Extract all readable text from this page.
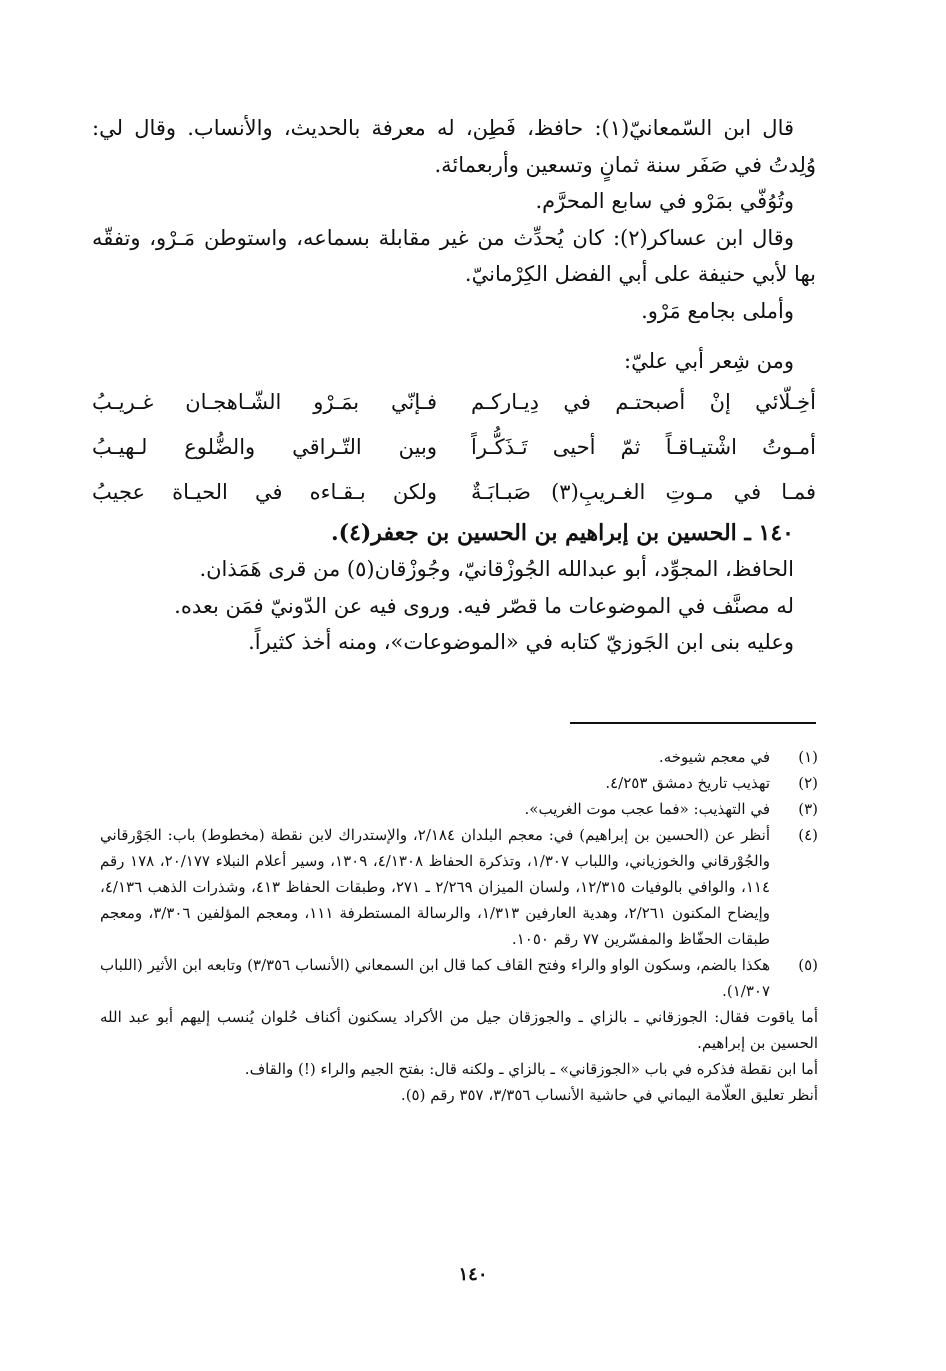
قال ابن السّمعانيّ(١): حافظ، فَطِن، له معرفة بالحديث، والأنساب. وقال لي: وُلِدتُ في صَفَر سنة ثمانٍ وتسعين وأربعمائة.

وتُوُفّي بمَرْو في سابع المحرَّم.

وقال ابن عساكر(٢): كان يُحدِّث من غير مقابلة بسماعه، واستوطن مَـرْو، وتفقّه بها لأبي حنيفة على أبي الفضل الكِرْمانيّ.

وأملى بجامع مَرْو.

ومن شِعر أبي عليّ:

أخِـلّائي إنْ أصبحتـم في دِيـاركـم
فـإنّي بمَـرْو الشّـاهجـان غـريـبُ
أمـوتُ اشْتيـاقـاً ثمّ أحيى تَـذَكُّـراً
وبين التّـراقي والضُّلوع لـهيـبُ
فمـا في مـوتِ الغـريبِ(٣) صَبـابَـةٌ
ولكن بـقـاءه في الحيـاة عجيبُ

١٤٠ ـ الحسين بن إبراهيم بن الحسين بن جعفر(٤).

الحافظ، المجوِّد، أبو عبدالله الجُوزْقانيّ، وجُوزْقان(٥) من قرى هَمَذان.

له مصنَّف في الموضوعات ما قصّر فيه. وروى فيه عن الدّونيّ فمَن بعده.

وعليه بنى ابن الجَوزيّ كتابه في «الموضوعات»، ومنه أخذ كثيراً.

(١)
في معجم شيوخه.
(٢)
تهذيب تاريخ دمشق ٤/٢٥٣.
(٣)
في التهذيب: «فما عجب موت الغريب».
(٤)
أنظر عن (الحسين بن إبراهيم) في: معجم البلدان ٢/١٨٤، والإستدراك لابن نقطة (مخطوط) باب: الجَوْرقاني والجُوْرقاني والخوزياني، واللباب ١/٣٠٧، وتذكرة الحفاظ ٤/١٣٠٨، ١٣٠٩، وسير أعلام النبلاء ٢٠/١٧٧، ١٧٨ رقم ١١٤، والوافي بالوفيات ١٢/٣١٥، ولسان الميزان ٢/٢٦٩ ـ ٢٧١، وطبقات الحفاظ ٤١٣، وشذرات الذهب ٤/١٣٦، وإيضاح المكنون ٢/٢٦١، وهدية العارفين ١/٣١٣، والرسالة المستطرفة ١١١، ومعجم المؤلفين ٣/٣٠٦، ومعجم طبقات الحفّاظ والمفسّرين ٧٧ رقم ١٠٥٠.
(٥)
هكذا بالضم، وسكون الواو والراء وفتح القاف كما قال ابن السمعاني (الأنساب ٣/٣٥٦) وتابعه ابن الأثير (اللباب ١/٣٠٧).
أما ياقوت فقال: الجوزقاني ـ بالزاي ـ والجوزقان جيل من الأكراد يسكنون أكناف حُلوان يُنسب إليهم أبو عبد الله الحسين بن إبراهيم.
أما ابن نقطة فذكره في باب «الجوزقاني» ـ بالزاي ـ ولكنه قال: بفتح الجيم والراء (!) والقاف.
أنظر تعليق العلّامة اليماني في حاشية الأنساب ٣/٣٥٦، ٣٥٧ رقم (٥).
١٤٠
